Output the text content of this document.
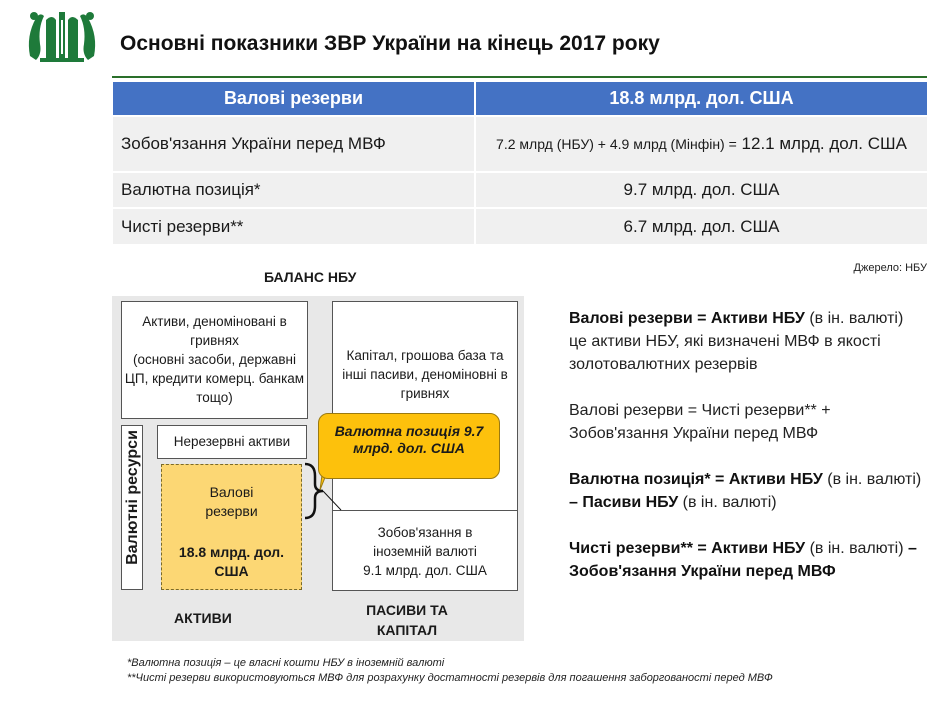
Основні показники ЗВР України на кінець 2017 року
Валові резерви	18.8 млрд. дол. США
Зобов'язання України перед МВФ	7.2 млрд (НБУ) + 4.9 млрд (Мінфін) = 12.1 млрд. дол. США
Валютна позиція*	9.7 млрд. дол. США
Чисті резерви**	6.7 млрд. дол. США
Джерело: НБУ
БАЛАНС НБУ
Активи, деноміновані в гривнях
(основні засоби, державні ЦП, кредити комерц. банкам тощо)
Валютні ресурси	Нерезервні активи
Валові резерви
18.8 млрд. дол. США
Капітал, грошова база та інші пасиви, деноміновні в гривнях
Зобов'язання в іноземній валюті
9.1 млрд. дол. США
Валютна позиція 9.7 млрд. дол. США
АКТИВИ	ПАСИВИ ТА КАПІТАЛ

Валові резерви = Активи НБУ (в ін. валюті)
це активи НБУ, які визначені МВФ в якості золотовалютних резервів

Валові резерви = Чисті резерви** + Зобов'язання України перед МВФ

Валютна позиція* = Активи НБУ (в ін. валюті) – Пасиви НБУ (в ін. валюті)

Чисті резерви** = Активи НБУ (в ін. валюті) – Зобов'язання України перед МВФ

*Валютна позиція – це власні кошти НБУ в іноземній валюті
**Чисті резерви використовуються МВФ для розрахунку достатності резервів для погашення заборгованості перед МВФ
